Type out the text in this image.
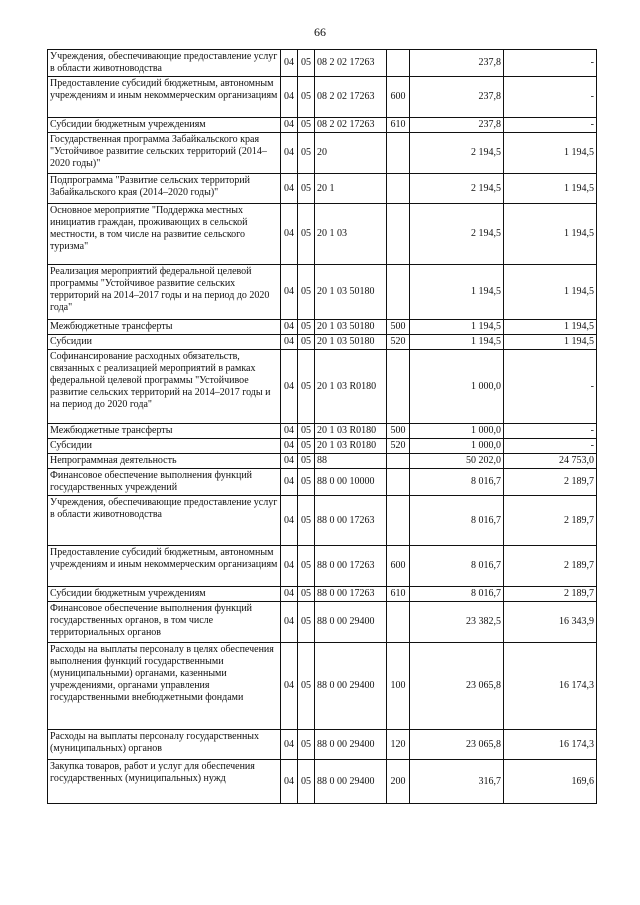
66
Учреждения, обеспечивающие предоставление услуг в области животноводства	04	05	08 2 02 17263		237,8	-
Предоставление субсидий бюджетным, автономным учреждениям и иным некоммерческим организациям	04	05	08 2 02 17263	600	237,8	-
Субсидии бюджетным учреждениям	04	05	08 2 02 17263	610	237,8	-
Государственная программа Забайкальского края "Устойчивое развитие сельских территорий (2014–2020 годы)"	04	05	20		2 194,5	1 194,5
Подпрограмма "Развитие сельских территорий Забайкальского края (2014–2020 годы)"	04	05	20 1		2 194,5	1 194,5
Основное мероприятие "Поддержка местных инициатив граждан, проживающих в сельской местности, в том числе на развитие сельского туризма"	04	05	20 1 03		2 194,5	1 194,5
Реализация мероприятий федеральной целевой программы "Устойчивое развитие сельских территорий на 2014–2017 годы и на период до 2020 года"	04	05	20 1 03 50180		1 194,5	1 194,5
Межбюджетные трансферты	04	05	20 1 03 50180	500	1 194,5	1 194,5
Субсидии	04	05	20 1 03 50180	520	1 194,5	1 194,5
Софинансирование расходных обязательств, связанных с реализацией мероприятий в рамках федеральной целевой программы "Устойчивое развитие сельских территорий на 2014–2017 годы и на период до 2020 года"	04	05	20 1 03 R0180		1 000,0	-
Межбюджетные трансферты	04	05	20 1 03 R0180	500	1 000,0	-
Субсидии	04	05	20 1 03 R0180	520	1 000,0	-
Непрограммная деятельность	04	05	88		50 202,0	24 753,0
Финансовое обеспечение выполнения функций государственных учреждений	04	05	88 0 00 10000		8 016,7	2 189,7
Учреждения, обеспечивающие предоставление услуг в области животноводства	04	05	88 0 00 17263		8 016,7	2 189,7
Предоставление субсидий бюджетным, автономным учреждениям и иным некоммерческим организациям	04	05	88 0 00 17263	600	8 016,7	2 189,7
Субсидии бюджетным учреждениям	04	05	88 0 00 17263	610	8 016,7	2 189,7
Финансовое обеспечение выполнения функций государственных органов, в том числе территориальных органов	04	05	88 0 00 29400		23 382,5	16 343,9
Расходы на выплаты персоналу в целях обеспечения выполнения функций государственными (муниципальными) органами, казенными учреждениями, органами управления государственными внебюджетными фондами	04	05	88 0 00 29400	100	23 065,8	16 174,3
Расходы на выплаты персоналу государственных (муниципальных) органов	04	05	88 0 00 29400	120	23 065,8	16 174,3
Закупка товаров, работ и услуг для обеспечения государственных (муниципальных) нужд	04	05	88 0 00 29400	200	316,7	169,6
